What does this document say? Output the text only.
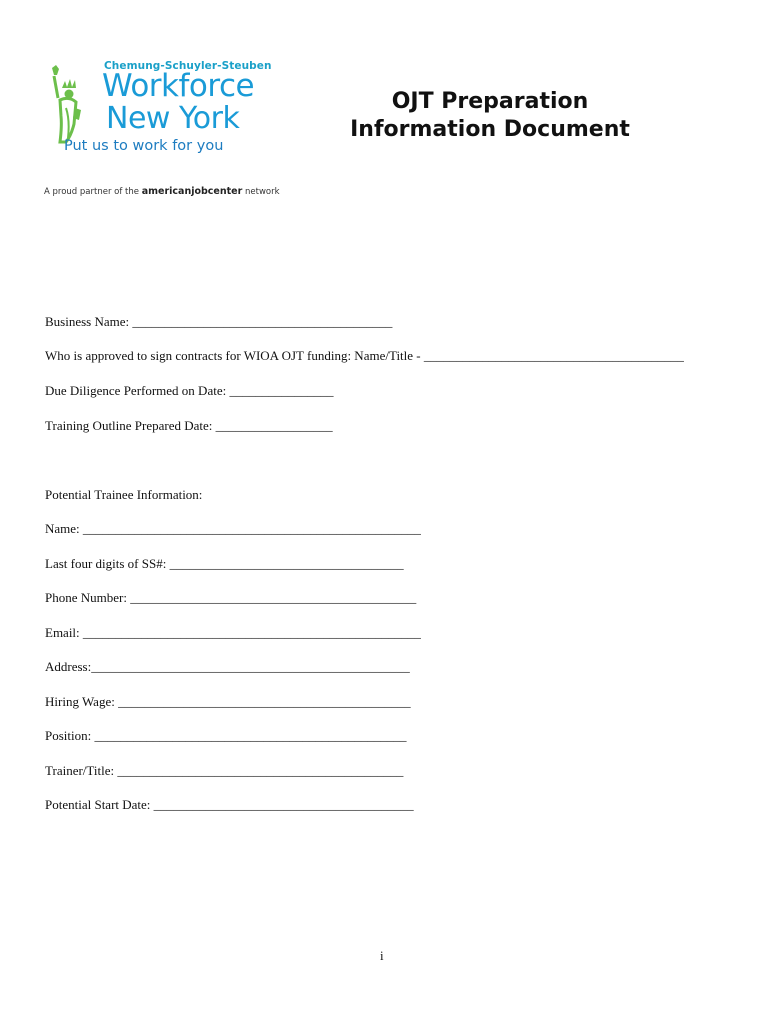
Chemung-Schuyler-Steuben
Workforce
New York
Put us to work for you
A proud partner of the americanjobcenter network
OJT Preparation
Information Document
Business Name: ________________________________________
Who is approved to sign contracts for WIOA OJT funding: Name/Title - ________________________________________
Due Diligence Performed on Date: ________________
Training Outline Prepared Date: __________________
Potential Trainee Information:
Name: ____________________________________________________
Last four digits of SS#: ____________________________________
Phone Number: ____________________________________________
Email: ____________________________________________________
Address:_________________________________________________
Hiring Wage: _____________________________________________
Position: ________________________________________________
Trainer/Title: ____________________________________________
Potential Start Date: ________________________________________
i
